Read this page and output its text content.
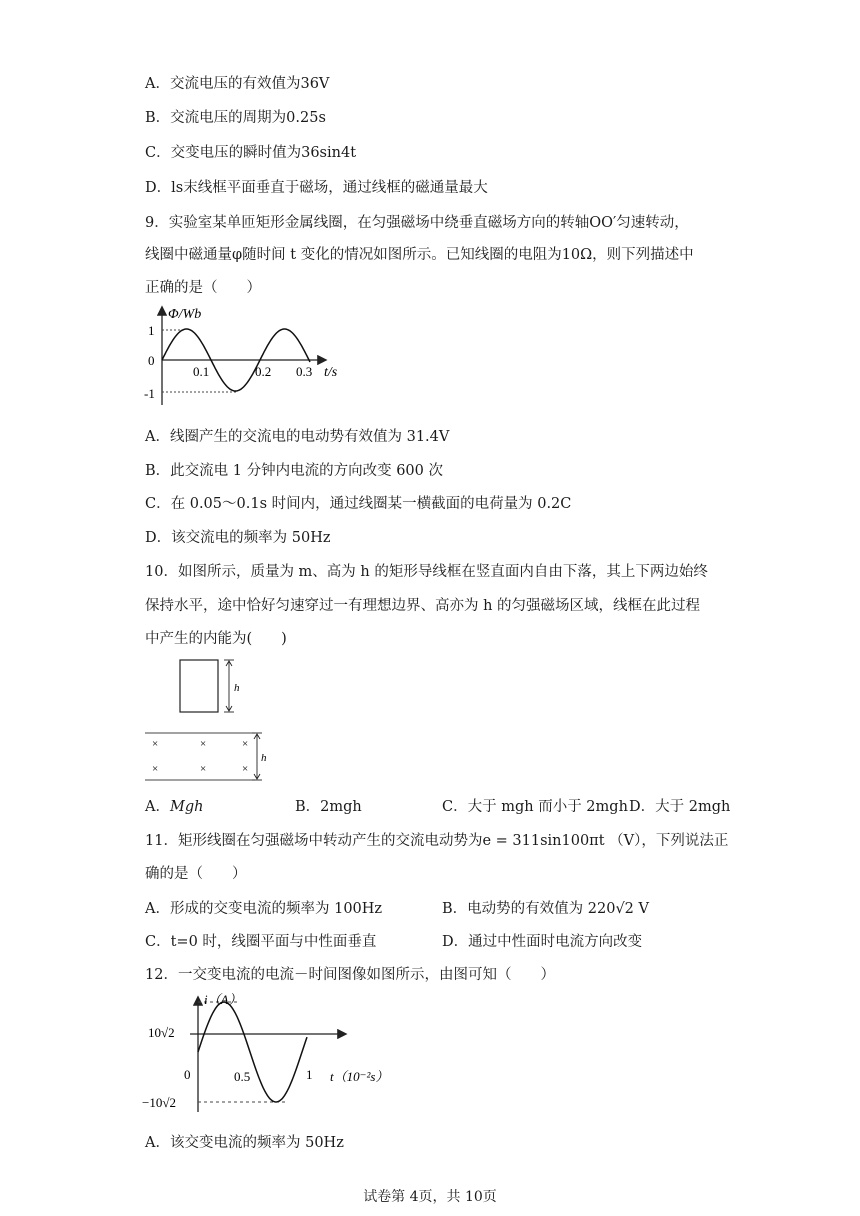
A．交流电压的有效值为36V
B．交流电压的周期为0.25s
C．交变电压的瞬时值为36sin4t
D．ls末线框平面垂直于磁场，通过线框的磁通量最大
9．实验室某单匝矩形金属线圈，在匀强磁场中绕垂直磁场方向的转轴OO′匀速转动，
线圈中磁通量φ随时间 t 变化的情况如图所示。已知线圈的电阻为10Ω，则下列描述中
正确的是（　　）
Φ/Wb
1
0
-1
0.1	0.2 0.3 t/s
A．线圈产生的交流电的电动势有效值为 31.4V
B．此交流电 1 分钟内电流的方向改变 600 次
C．在 0.05～0.1s 时间内，通过线圈某一横截面的电荷量为 0.2C
D．该交流电的频率为 50Hz
10．如图所示，质量为 m、高为 h 的矩形导线框在竖直面内自由下落，其上下两边始终
保持水平，途中恰好匀速穿过一有理想边界、高亦为 h 的匀强磁场区域，线框在此过程
中产生的内能为(　　)
h
×	×	×
×	×	×
h
A．Mgh	B．2mgh	C．大于 mgh 而小于 2mgh D．大于 2mgh
11．矩形线圈在匀强磁场中转动产生的交流电动势为e = 311sin100πt （V），下列说法正
确的是（　　）
A．形成的交变电流的频率为 100Hz	B．电动势的有效值为 220√2 V
C．t=0 时，线圈平面与中性面垂直	D．通过中性面时电流方向改变
12．一交变电流的电流－时间图像如图所示，由图可知（　　）
i（A）
10√2
0	0.5	1 t（10⁻²s）
−10√2
A．该交变电流的频率为 50Hz
试卷第 4页，共 10页
